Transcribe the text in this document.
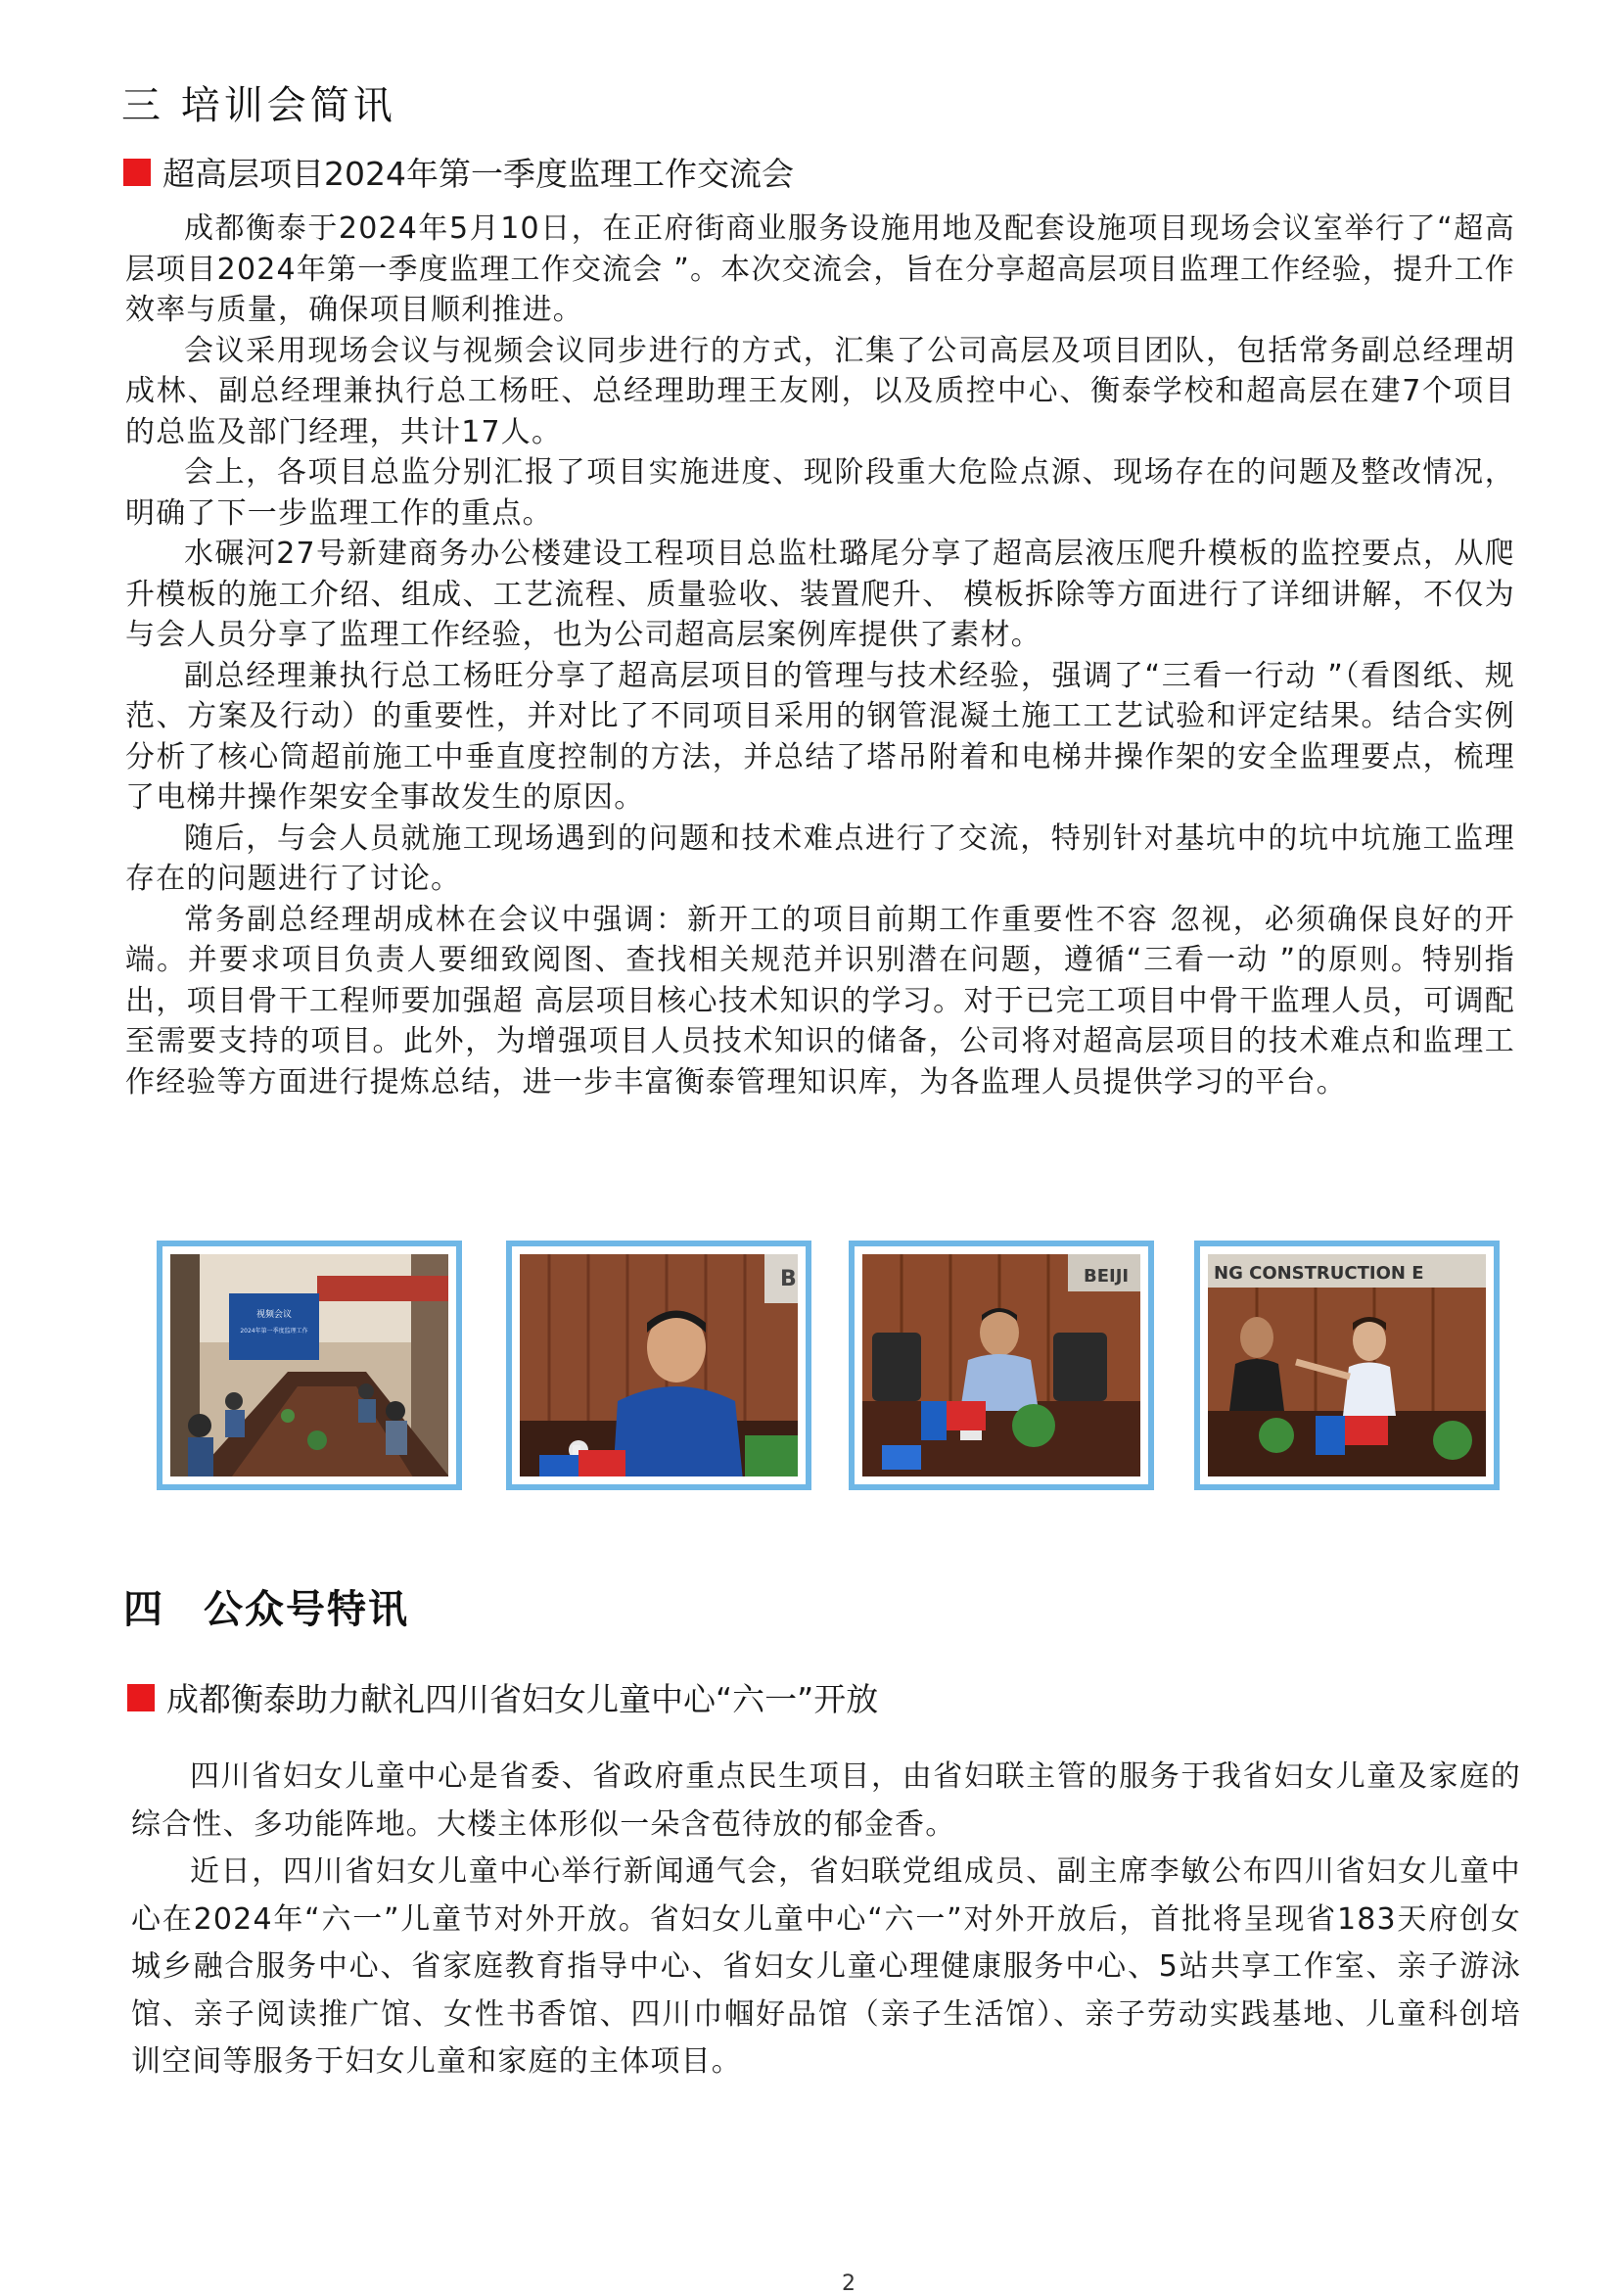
三 培训会简讯
超高层项目2024年第一季度监理工作交流会

成都衡泰于2024年5月10日，在正府街商业服务设施用地及配套设施项目现场会议室举行了“超高层项目2024年第一季度监理工作交流会 ”。本次交流会，旨在分享超高层项目监理工作经验，提升工作效率与质量，确保项目顺利推进。

会议采用现场会议与视频会议同步进行的方式，汇集了公司高层及项目团队，包括常务副总经理胡成林、副总经理兼执行总工杨旺、总经理助理王友刚，以及质控中心、衡泰学校和超高层在建7个项目的总监及部门经理，共计17人。

会上，各项目总监分别汇报了项目实施进度、现阶段重大危险点源、现场存在的问题及整改情况，明确了下一步监理工作的重点。

水碾河27号新建商务办公楼建设工程项目总监杜璐尾分享了超高层液压爬升模板的监控要点，从爬升模板的施工介绍、组成、工艺流程、质量验收、装置爬升、 模板拆除等方面进行了详细讲解，不仅为与会人员分享了监理工作经验，也为公司超高层案例库提供了素材。

副总经理兼执行总工杨旺分享了超高层项目的管理与技术经验，强调了“三看一行动 ”（看图纸、规范、方案及行动）的重要性，并对比了不同项目采用的钢管混凝土施工工艺试验和评定结果。结合实例分析了核心筒超前施工中垂直度控制的方法，并总结了塔吊附着和电梯井操作架的安全监理要点，梳理了电梯井操作架安全事故发生的原因。

随后，与会人员就施工现场遇到的问题和技术难点进行了交流，特别针对基坑中的坑中坑施工监理存在的问题进行了讨论。

常务副总经理胡成林在会议中强调：新开工的项目前期工作重要性不容 忽视，必须确保良好的开端。并要求项目负责人要细致阅图、查找相关规范并识别潜在问题，遵循“三看一动 ”的原则。特别指出，项目骨干工程师要加强超 高层项目核心技术知识的学习。对于已完工项目中骨干监理人员，可调配至需要支持的项目。此外，为增强项目人员技术知识的储备，公司将对超高层项目的技术难点和监理工作经验等方面进行提炼总结，进一步丰富衡泰管理知识库，为各监理人员提供学习的平台。

视频会议
2024年第一季度监理工作
B	BEIJI	NG CONSTRUCTION E
四 公众号特讯
成都衡泰助力献礼四川省妇女儿童中心“六一”开放

四川省妇女儿童中心是省委、省政府重点民生项目，由省妇联主管的服务于我省妇女儿童及家庭的综合性、多功能阵地。大楼主体形似一朵含苞待放的郁金香。

近日，四川省妇女儿童中心举行新闻通气会，省妇联党组成员、副主席李敏公布四川省妇女儿童中心在2024年“六一”儿童节对外开放。省妇女儿童中心“六一”对外开放后，首批将呈现省183天府创女城乡融合服务中心、省家庭教育指导中心、省妇女儿童心理健康服务中心、5站共享工作室、亲子游泳馆、亲子阅读推广馆、女性书香馆、四川巾帼好品馆（亲子生活馆）、亲子劳动实践基地、儿童科创培训空间等服务于妇女儿童和家庭的主体项目。

2
